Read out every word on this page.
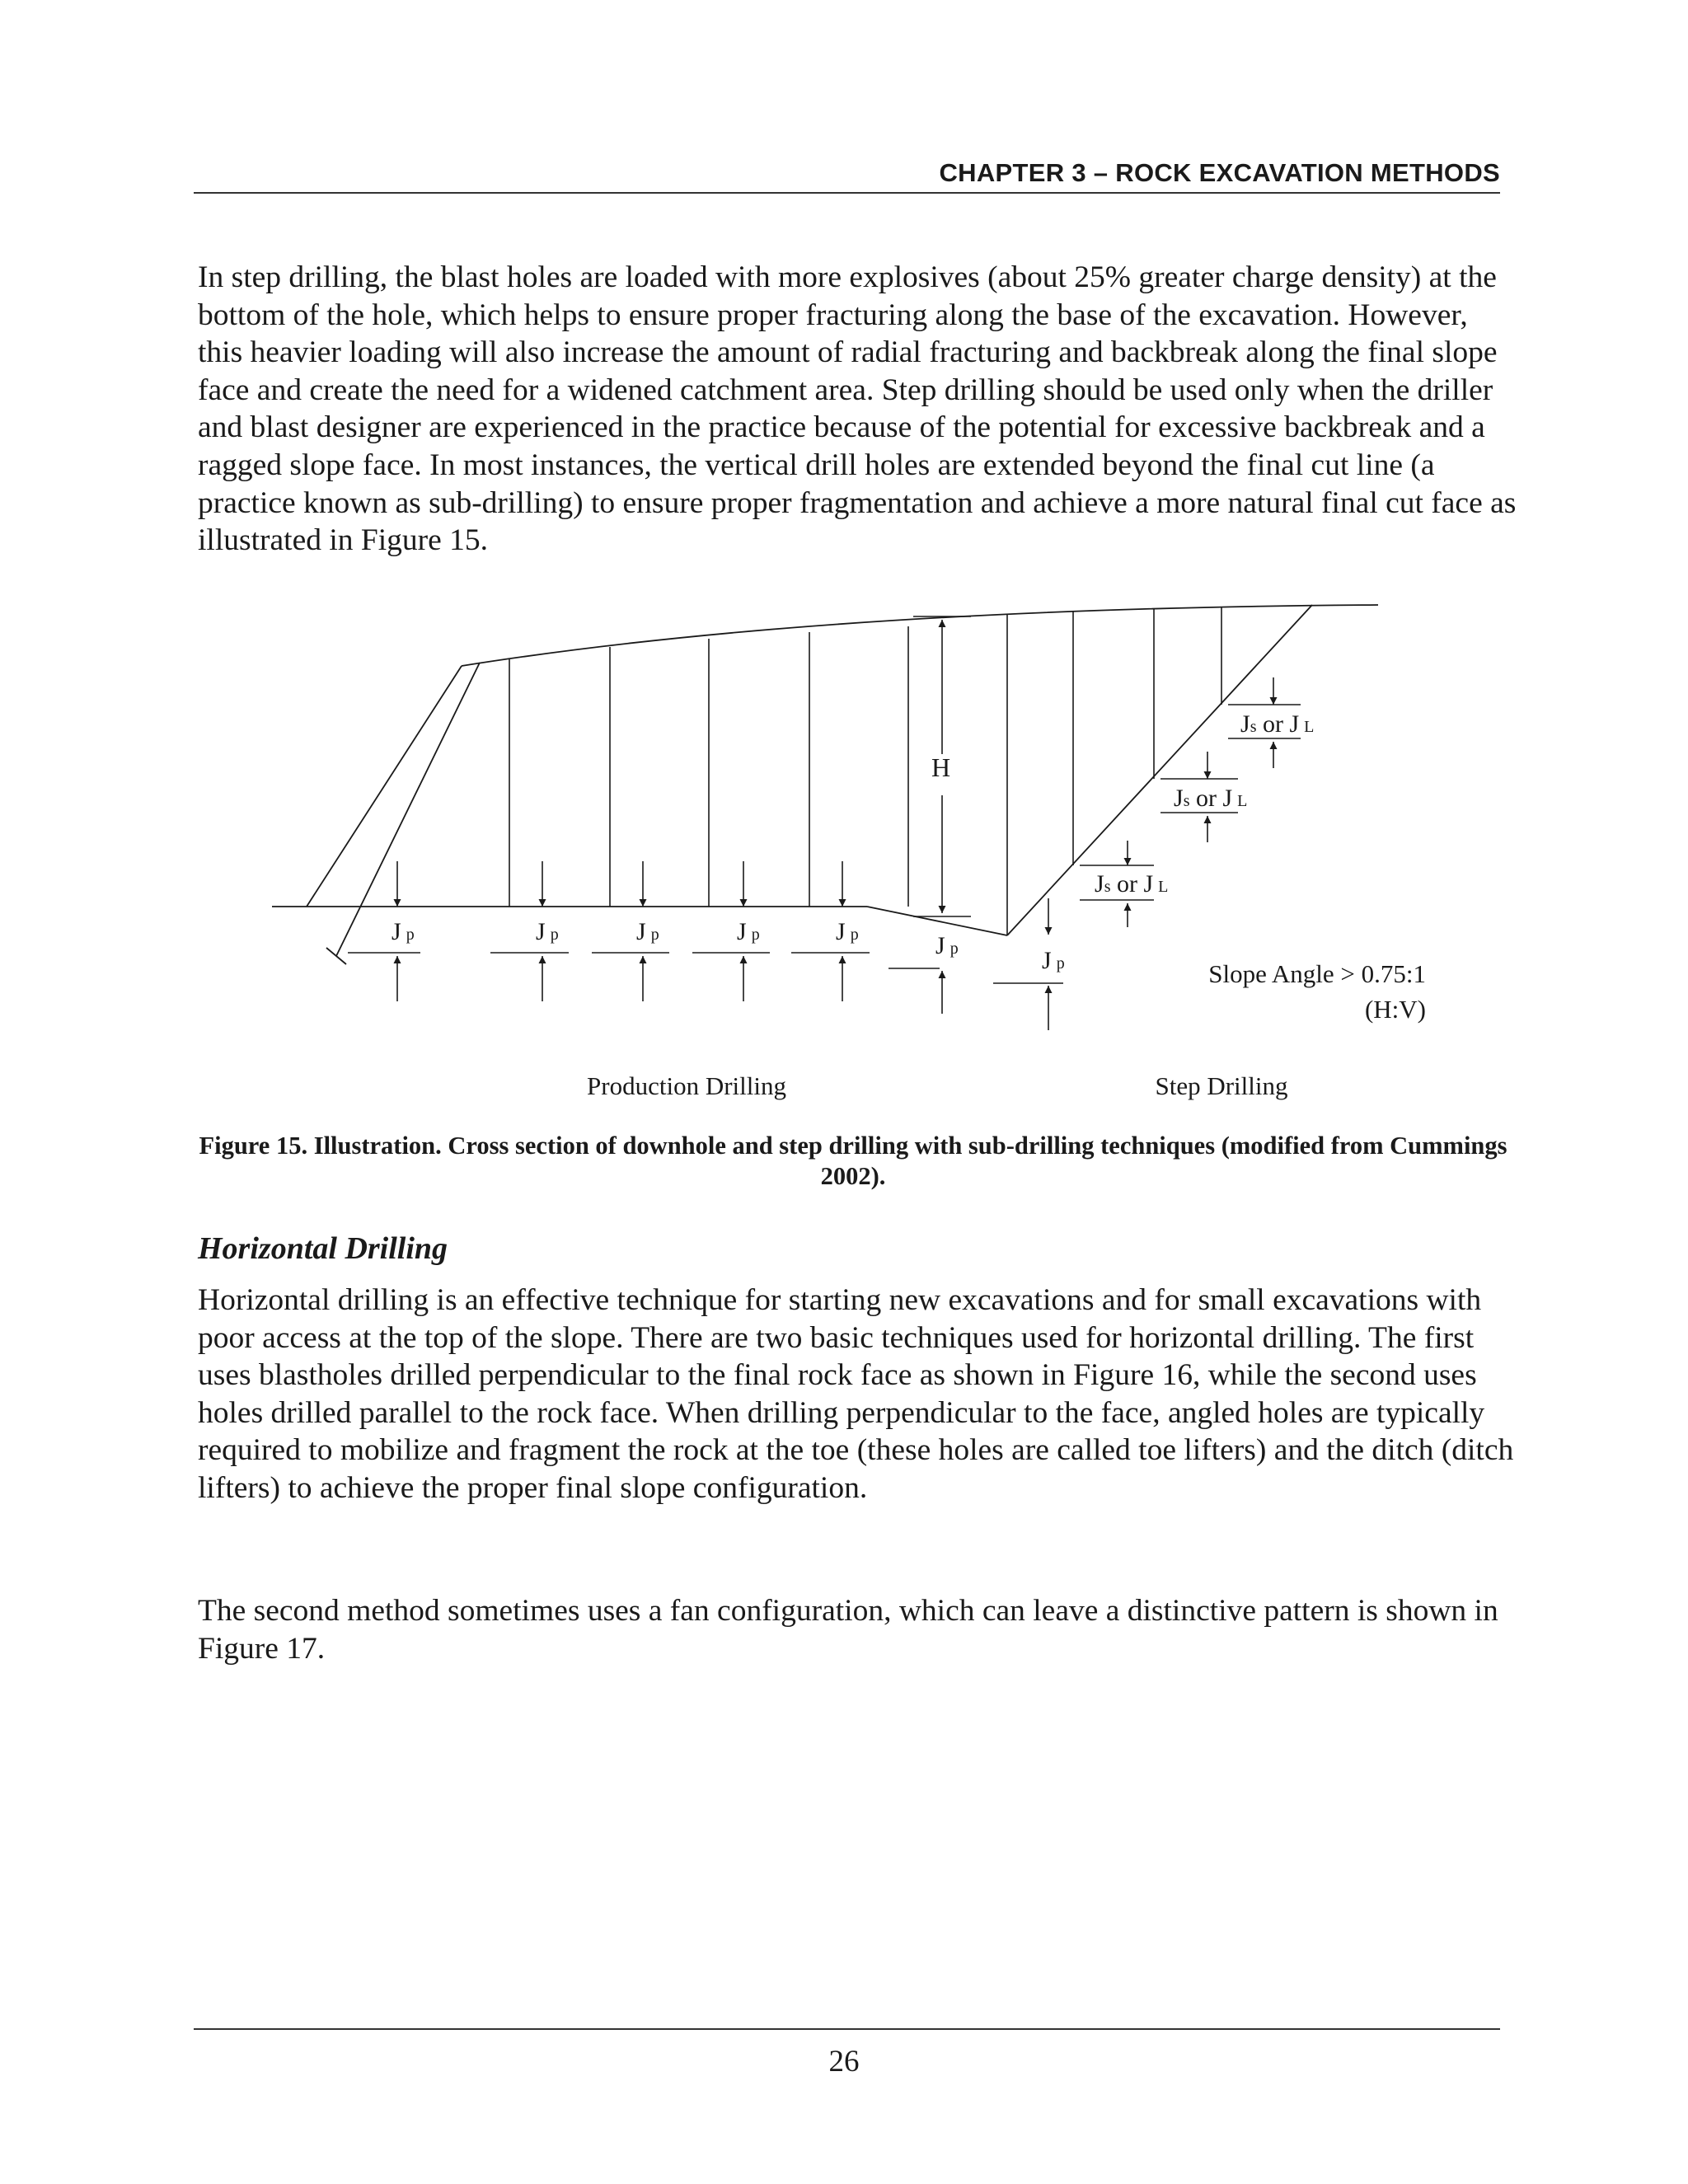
CHAPTER 3 – ROCK EXCAVATION METHODS

In step drilling, the blast holes are loaded with more explosives (about 25% greater charge density) at the bottom of the hole, which helps to ensure proper fracturing along the base of the excavation. However, this heavier loading will also increase the amount of radial fracturing and backbreak along the final slope face and create the need for a widened catchment area. Step drilling should be used only when the driller and blast designer are experienced in the practice because of the potential for excessive backbreak and a ragged slope face. In most instances, the vertical drill holes are extended beyond the final cut line (a practice known as sub-drilling) to ensure proper fragmentation and achieve a more natural final cut face as illustrated in Figure 15.

H
Jp	Jp	Jp	Jp	Jp	Jp	Jp
Js or J L
Js or J L
Js or J L
Slope Angle > 0.75:1
(H:V)
Production Drilling	Step Drilling

Figure 15. Illustration. Cross section of downhole and step drilling with sub-drilling techniques (modified from Cummings 2002).

Horizontal Drilling

Horizontal drilling is an effective technique for starting new excavations and for small excavations with poor access at the top of the slope. There are two basic techniques used for horizontal drilling. The first uses blastholes drilled perpendicular to the final rock face as shown in Figure 16, while the second uses holes drilled parallel to the rock face. When drilling perpendicular to the face, angled holes are typically required to mobilize and fragment the rock at the toe (these holes are called toe lifters) and the ditch (ditch lifters) to achieve the proper final slope configuration.

The second method sometimes uses a fan configuration, which can leave a distinctive pattern is shown in Figure 17.

26
